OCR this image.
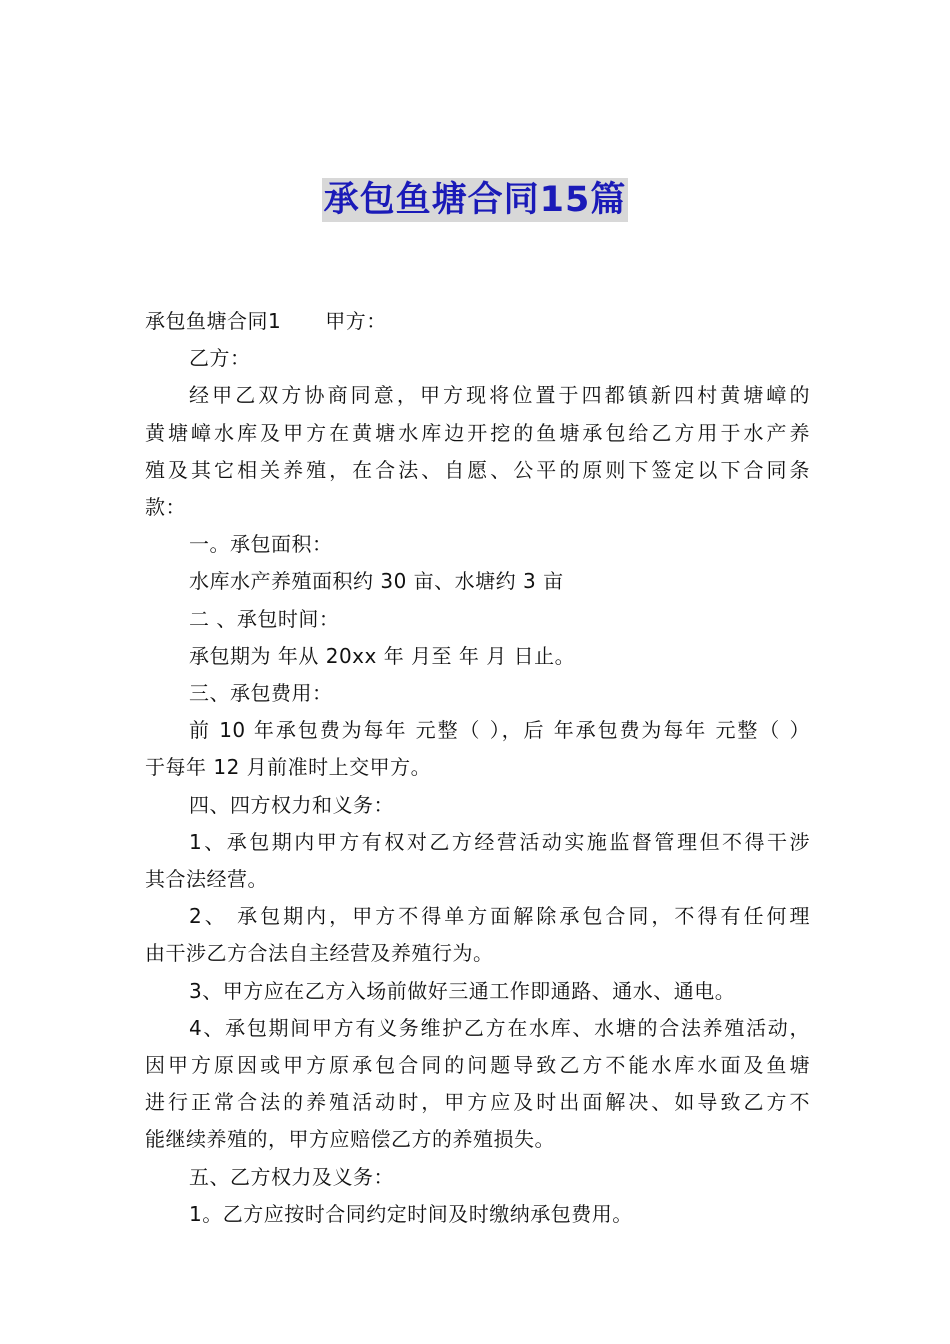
承包鱼塘合同15篇
承包鱼塘合同1 甲方：
乙方：
经甲乙双方协商同意，甲方现将位置于四都镇新四村黄塘嶂的
黄塘嶂水库及甲方在黄塘水库边开挖的鱼塘承包给乙方用于水产养
殖及其它相关养殖，在合法、自愿、公平的原则下签定以下合同条
款：
一。承包面积：
水库水产养殖面积约 30 亩、水塘约 3 亩
二 、承包时间：
承包期为 年从 20xx 年 月至 年 月 日止。
三、承包费用：
前 10 年承包费为每年 元整（ ），后 年承包费为每年 元整（ ）
于每年 12 月前准时上交甲方。
四、四方权力和义务：
1、承包期内甲方有权对乙方经营活动实施监督管理但不得干涉
其合法经营。
2、 承包期内，甲方不得单方面解除承包合同，不得有任何理
由干涉乙方合法自主经营及养殖行为。
3、甲方应在乙方入场前做好三通工作即通路、通水、通电。
4、承包期间甲方有义务维护乙方在水库、水塘的合法养殖活动，
因甲方原因或甲方原承包合同的问题导致乙方不能水库水面及鱼塘
进行正常合法的养殖活动时，甲方应及时出面解决、如导致乙方不
能继续养殖的，甲方应赔偿乙方的养殖损失。
五、乙方权力及义务：
1。乙方应按时合同约定时间及时缴纳承包费用。
